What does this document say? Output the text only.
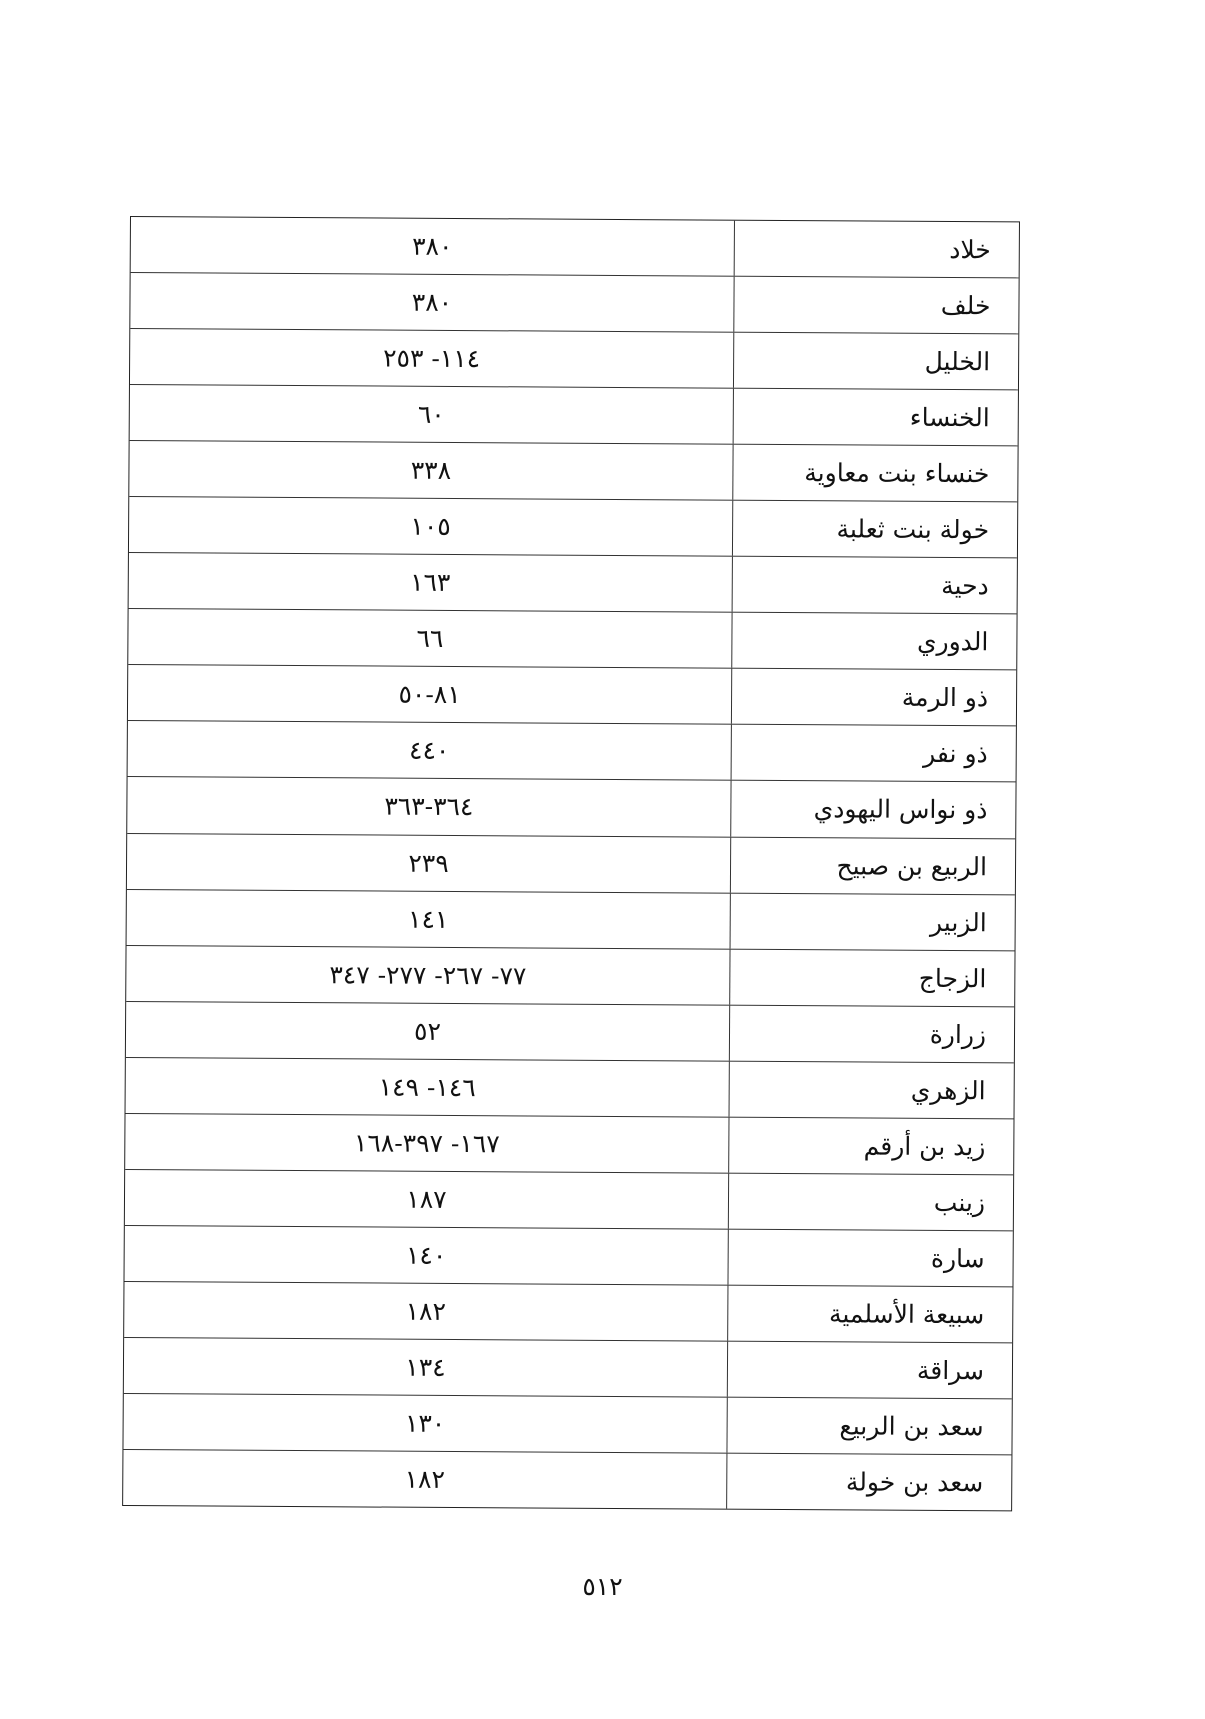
خلاد
٣٨٠
خلف
٣٨٠
الخليل
١١٤- ٢٥٣
الخنساء
٦٠
خنساء بنت معاوية
٣٣٨
خولة بنت ثعلبة
١٠٥
دحية
١٦٣
الدوري
٦٦
ذو الرمة
٨١-٥٠
ذو نفر
٤٤٠
ذو نواس اليهودي
٣٦٤-٣٦٣
الربيع بن صبيح
٢٣٩
الزبير
١٤١
الزجاج
٧٧- ٢٦٧- ٢٧٧- ٣٤٧
زرارة
٥٢
الزهري
١٤٦- ١٤٩
زيد بن أرقم
١٦٧- ٣٩٧-١٦٨
زينب
١٨٧
سارة
١٤٠
سبيعة الأسلمية
١٨٢
سراقة
١٣٤
سعد بن الربيع
١٣٠
سعد بن خولة
١٨٢
٥١٢
